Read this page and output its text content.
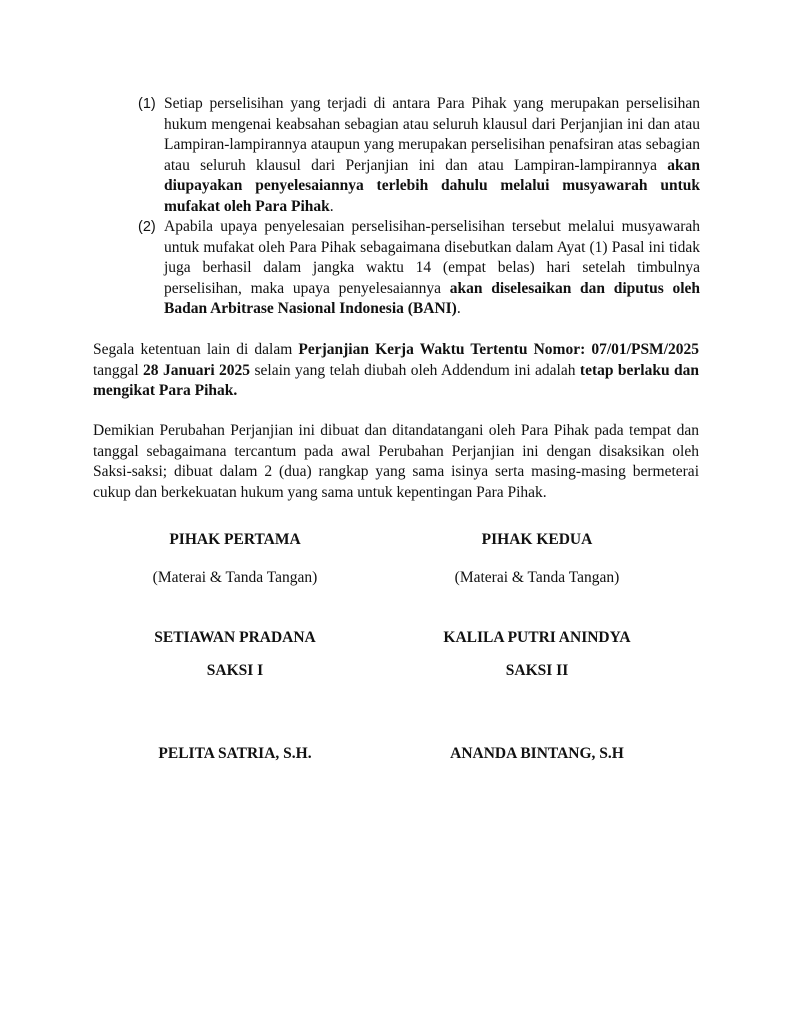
(1) Setiap perselisihan yang terjadi di antara Para Pihak yang merupakan perselisihan hukum mengenai keabsahan sebagian atau seluruh klausul dari Perjanjian ini dan atau Lampiran-lampirannya ataupun yang merupakan perselisihan penafsiran atas sebagian atau seluruh klausul dari Perjanjian ini dan atau Lampiran-lampirannya akan diupayakan penyelesaiannya terlebih dahulu melalui musyawarah untuk mufakat oleh Para Pihak.
(2) Apabila upaya penyelesaian perselisihan-perselisihan tersebut melalui musyawarah untuk mufakat oleh Para Pihak sebagaimana disebutkan dalam Ayat (1) Pasal ini tidak juga berhasil dalam jangka waktu 14 (empat belas) hari setelah timbulnya perselisihan, maka upaya penyelesaiannya akan diselesaikan dan diputus oleh Badan Arbitrase Nasional Indonesia (BANI).
Segala ketentuan lain di dalam Perjanjian Kerja Waktu Tertentu Nomor: 07/01/PSM/2025 tanggal 28 Januari 2025 selain yang telah diubah oleh Addendum ini adalah tetap berlaku dan mengikat Para Pihak.
Demikian Perubahan Perjanjian ini dibuat dan ditandatangani oleh Para Pihak pada tempat dan tanggal sebagaimana tercantum pada awal Perubahan Perjanjian ini dengan disaksikan oleh Saksi-saksi; dibuat dalam 2 (dua) rangkap yang sama isinya serta masing-masing bermeterai cukup dan berkekuatan hukum yang sama untuk kepentingan Para Pihak.
PIHAK PERTAMA
(Materai & Tanda Tangan)
SETIAWAN PRADANA
SAKSI I
PELITA SATRIA, S.H.
PIHAK KEDUA
(Materai & Tanda Tangan)
KALILA PUTRI ANINDYA
SAKSI II
ANANDA BINTANG, S.H
